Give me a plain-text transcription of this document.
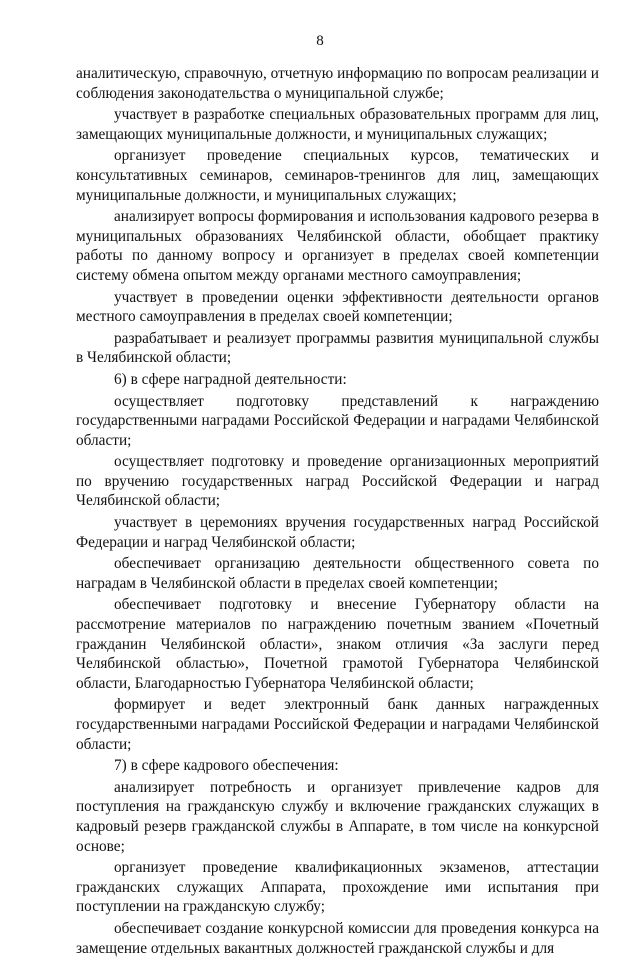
8

аналитическую, справочную, отчетную информацию по вопросам реализации и соблюдения законодательства о муниципальной службе;

участвует в разработке специальных образовательных программ для лиц, замещающих муниципальные должности, и муниципальных служащих;

организует проведение специальных курсов, тематических и консультативных семинаров, семинаров-тренингов для лиц, замещающих муниципальные должности, и муниципальных служащих;

анализирует вопросы формирования и использования кадрового резерва в муниципальных образованиях Челябинской области, обобщает практику работы по данному вопросу и организует в пределах своей компетенции систему обмена опытом между органами местного самоуправления;

участвует в проведении оценки эффективности деятельности органов местного самоуправления в пределах своей компетенции;

разрабатывает и реализует программы развития муниципальной службы в Челябинской области;

6) в сфере наградной деятельности:

осуществляет подготовку представлений к награждению государственными наградами Российской Федерации и наградами Челябинской области;

осуществляет подготовку и проведение организационных мероприятий по вручению государственных наград Российской Федерации и наград Челябинской области;

участвует в церемониях вручения государственных наград Российской Федерации и наград Челябинской области;

обеспечивает организацию деятельности общественного совета по наградам в Челябинской области в пределах своей компетенции;

обеспечивает подготовку и внесение Губернатору области на рассмотрение материалов по награждению почетным званием «Почетный гражданин Челябинской области», знаком отличия «За заслуги перед Челябинской областью», Почетной грамотой Губернатора Челябинской области, Благодарностью Губернатора Челябинской области;

формирует и ведет электронный банк данных награжденных государственными наградами Российской Федерации и наградами Челябинской области;

7) в сфере кадрового обеспечения:

анализирует потребность и организует привлечение кадров для поступления на гражданскую службу и включение гражданских служащих в кадровый резерв гражданской службы в Аппарате, в том числе на конкурсной основе;

организует проведение квалификационных экзаменов, аттестации гражданских служащих Аппарата, прохождение ими испытания при поступлении на гражданскую службу;

обеспечивает создание конкурсной комиссии для проведения конкурса на замещение отдельных вакантных должностей гражданской службы и для
